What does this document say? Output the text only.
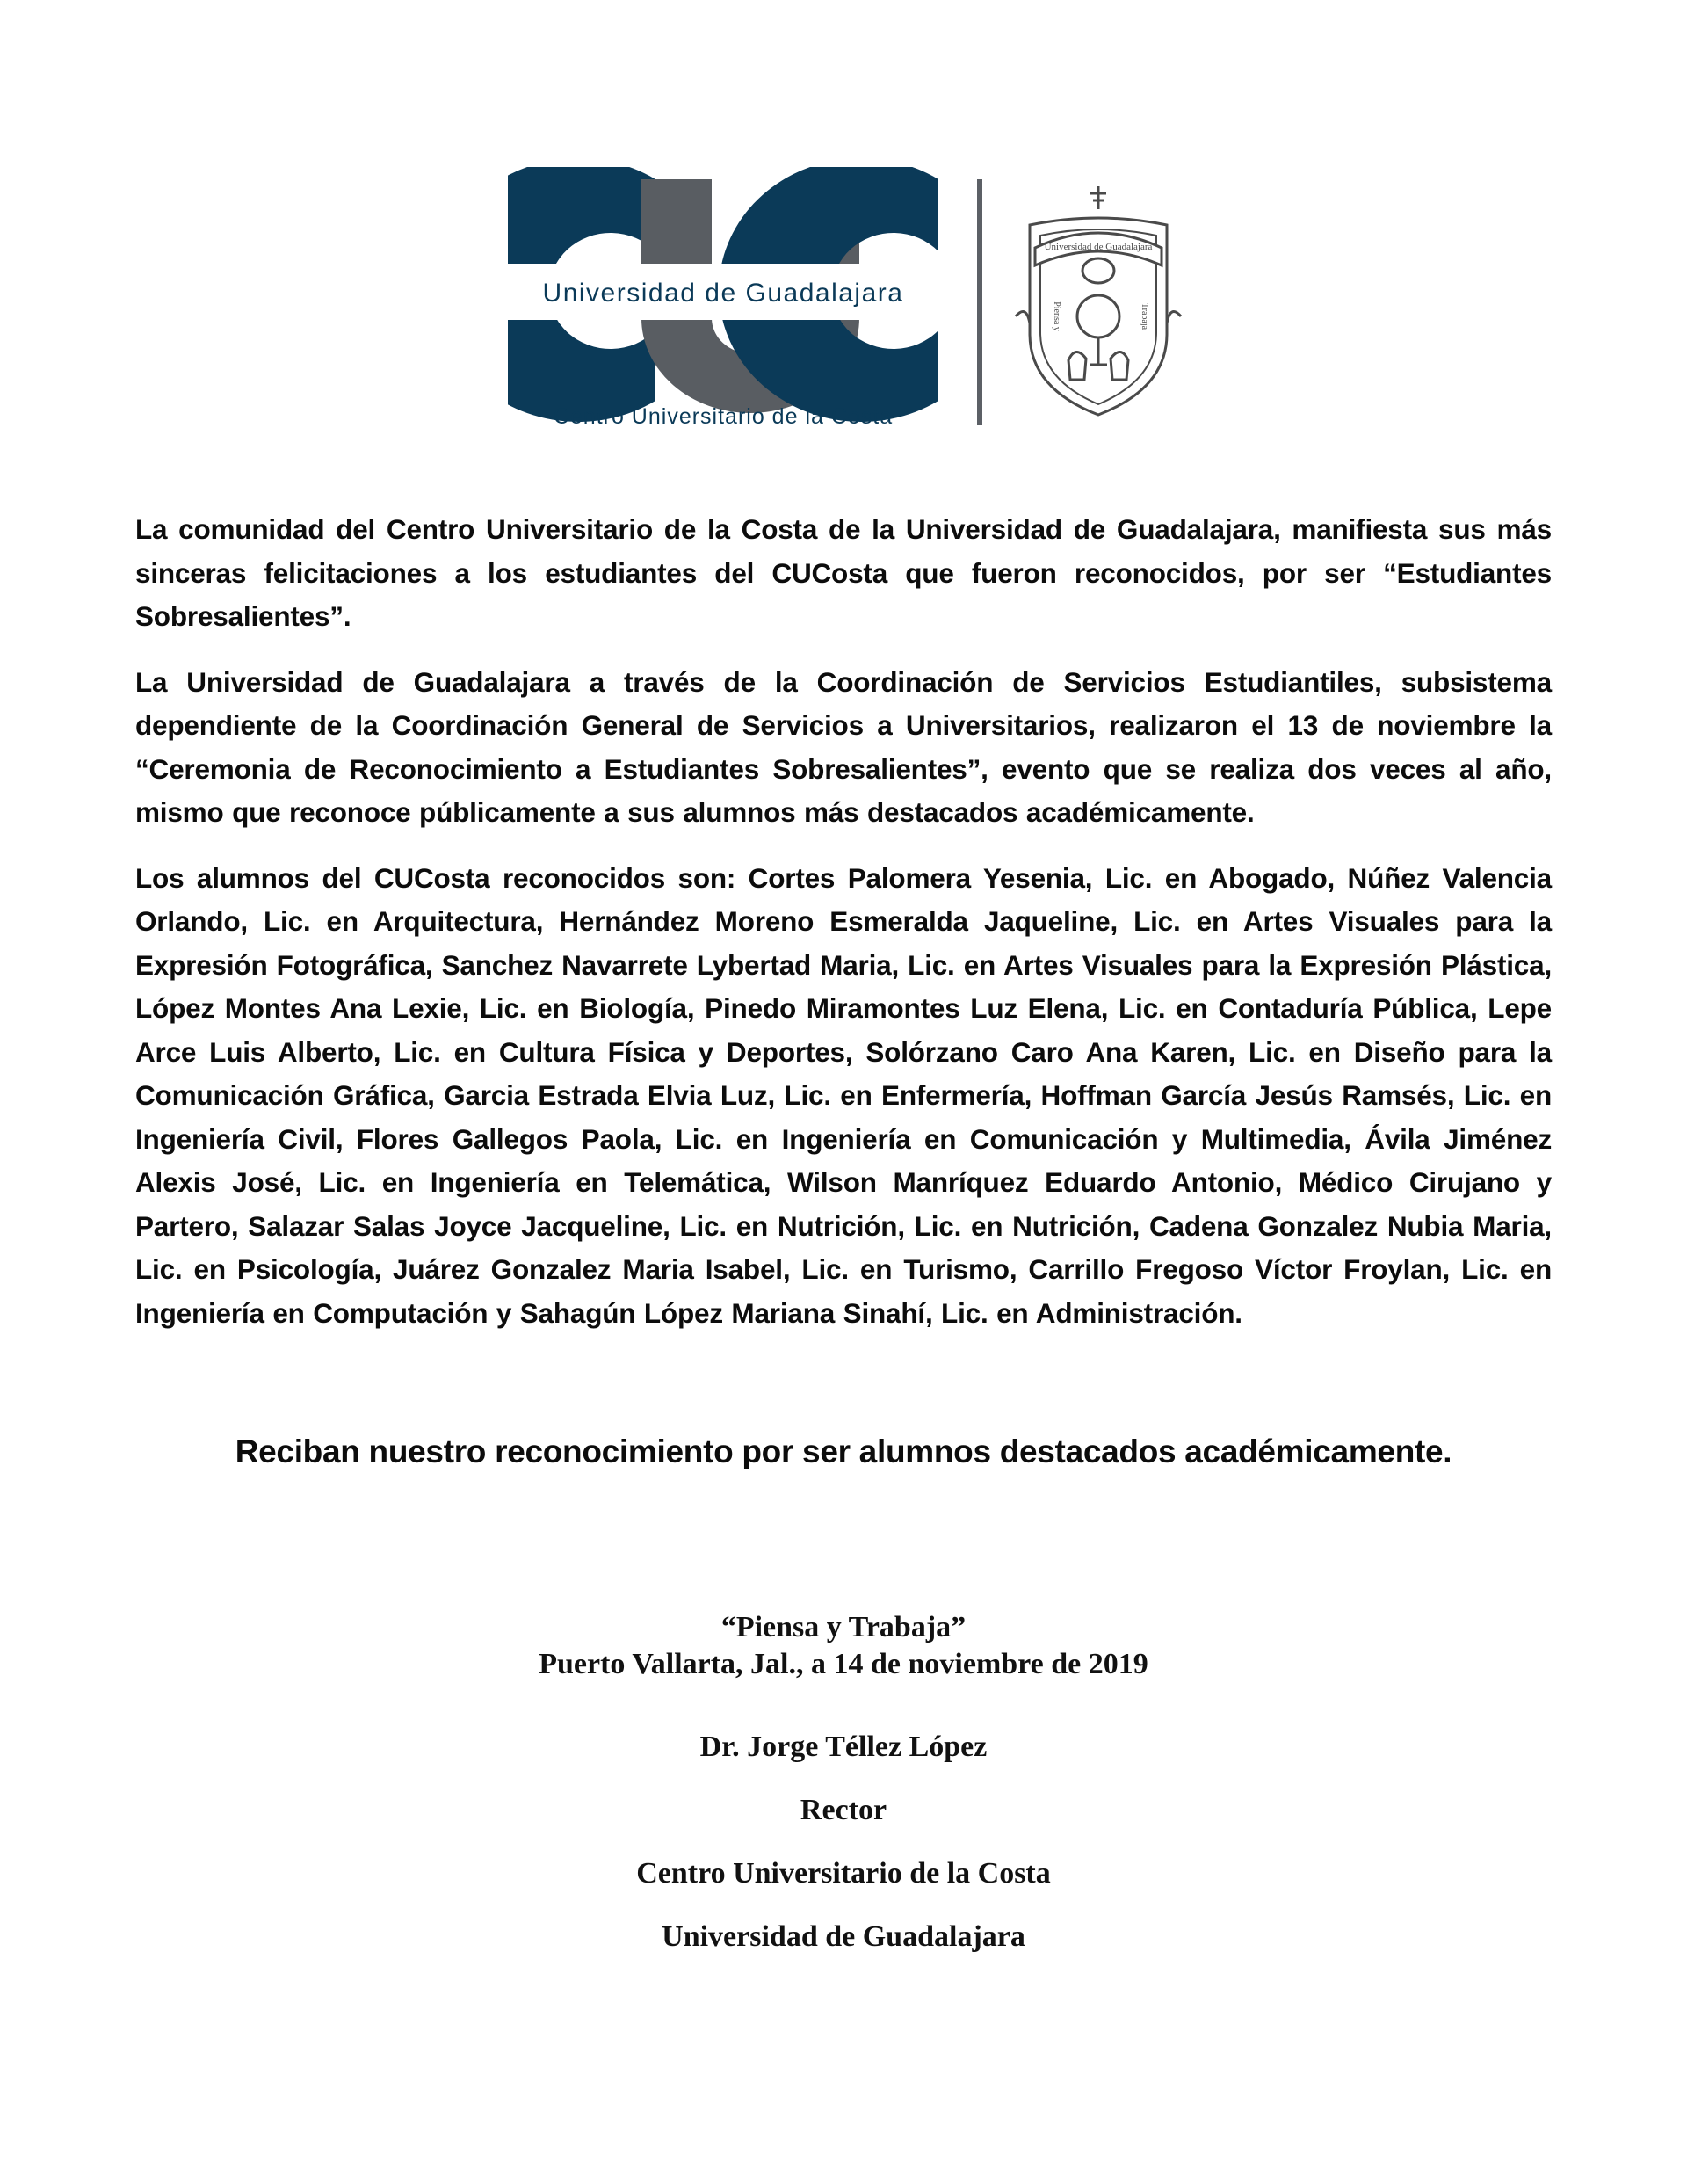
Universidad de Guadalajara
Centro Universitario de la Costa
Universidad de Guadalajara
Piensa y	Trabaja

La comunidad del Centro Universitario de la Costa de la Universidad de Guadalajara, manifiesta sus más sinceras felicitaciones a los estudiantes del CUCosta que fueron reconocidos, por ser “Estudiantes Sobresalientes”.

La Universidad de Guadalajara a través de la Coordinación de Servicios Estudiantiles, subsistema dependiente de la Coordinación General de Servicios a Universitarios, realizaron el 13 de noviembre la “Ceremonia de Reconocimiento a Estudiantes Sobresalientes”, evento que se realiza dos veces al año, mismo que reconoce públicamente a sus alumnos más destacados académicamente.

Los alumnos del CUCosta reconocidos son: Cortes Palomera Yesenia, Lic. en Abogado, Núñez Valencia Orlando, Lic. en Arquitectura, Hernández Moreno Esmeralda Jaqueline, Lic. en Artes Visuales para la Expresión Fotográfica, Sanchez Navarrete Lybertad Maria, Lic. en Artes Visuales para la Expresión Plástica, López Montes Ana Lexie, Lic. en Biología, Pinedo Miramontes Luz Elena, Lic. en Contaduría Pública, Lepe Arce Luis Alberto, Lic. en Cultura Física y Deportes, Solórzano Caro Ana Karen, Lic. en Diseño para la Comunicación Gráfica, Garcia Estrada Elvia Luz, Lic. en Enfermería, Hoffman García Jesús Ramsés, Lic. en Ingeniería Civil, Flores Gallegos Paola, Lic. en Ingeniería en Comunicación y Multimedia, Ávila Jiménez Alexis José, Lic. en Ingeniería en Telemática, Wilson Manríquez Eduardo Antonio, Médico Cirujano y Partero, Salazar Salas Joyce Jacqueline, Lic. en Nutrición, Lic. en Nutrición, Cadena Gonzalez Nubia Maria, Lic. en Psicología, Juárez Gonzalez Maria Isabel, Lic. en Turismo, Carrillo Fregoso Víctor Froylan, Lic. en Ingeniería en Computación y Sahagún López Mariana Sinahí, Lic. en Administración.

Reciban nuestro reconocimiento por ser alumnos destacados académicamente.
“Piensa y Trabaja”
Puerto Vallarta, Jal., a 14 de noviembre de 2019
Dr. Jorge Téllez López
Rector
Centro Universitario de la Costa
Universidad de Guadalajara
